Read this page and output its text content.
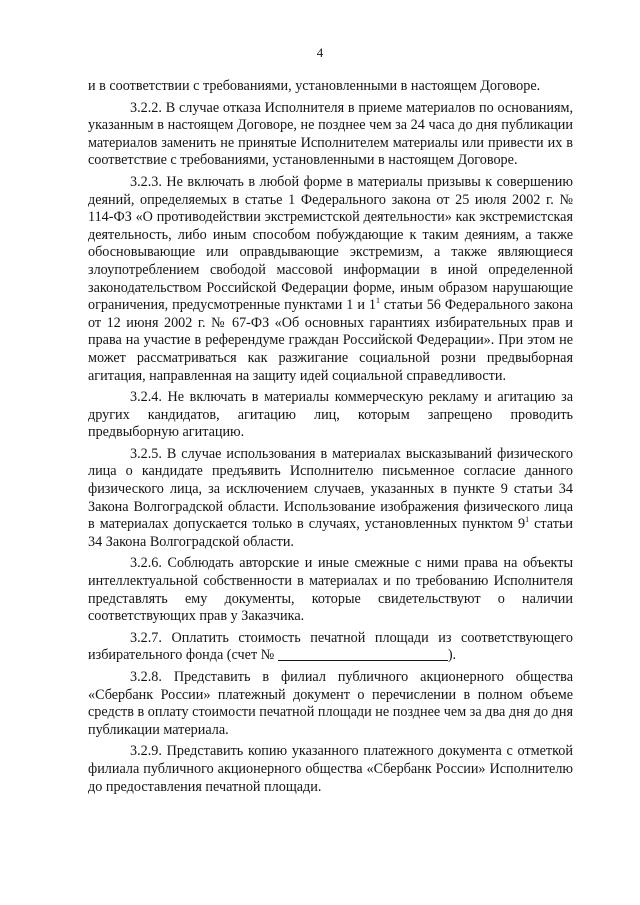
4

и в соответствии с требованиями, установленными в настоящем Договоре.

3.2.2. В случае отказа Исполнителя в приеме материалов по основаниям, указанным в настоящем Договоре, не позднее чем за 24 часа до дня публикации материалов заменить не принятые Исполнителем материалы или привести их в соответствие с требованиями, установленными в настоящем Договоре.

3.2.3. Не включать в любой форме в материалы призывы к совершению деяний, определяемых в статье 1 Федерального закона от 25 июля 2002 г. № 114-ФЗ «О противодействии экстремистской деятельности» как экстремистская деятельность, либо иным способом побуждающие к таким деяниям, а также обосновывающие или оправдывающие экстремизм, а также являющиеся злоупотреблением свободой массовой информации в иной определенной законодательством Российской Федерации форме, иным образом нарушающие ограничения, предусмотренные пунктами 1 и $1^1$ статьи 56 Федерального закона от 12 июня 2002 г. № 67-ФЗ «Об основных гарантиях избирательных прав и права на участие в референдуме граждан Российской Федерации». При этом не может рассматриваться как разжигание социальной розни предвыборная агитация, направленная на защиту идей социальной справедливости.

3.2.4. Не включать в материалы коммерческую рекламу и агитацию за других кандидатов, агитацию лиц, которым запрещено проводить предвыборную агитацию.

3.2.5. В случае использования в материалах высказываний физического лица о кандидате предъявить Исполнителю письменное согласие данного физического лица, за исключением случаев, указанных в пункте 9 статьи 34 Закона Волгоградской области. Использование изображения физического лица в материалах допускается только в случаях, установленных пунктом $9^1$ статьи 34 Закона Волгоградской области.

3.2.6. Соблюдать авторские и иные смежные с ними права на объекты интеллектуальной собственности в материалах и по требованию Исполнителя представлять ему документы, которые свидетельствуют о наличии соответствующих прав у Заказчика.

3.2.7. Оплатить стоимость печатной площади из соответствующего избирательного фонда (счет №	).

3.2.8. Представить в филиал публичного акционерного общества «Сбербанк России» платежный документ о перечислении в полном объеме средств в оплату стоимости печатной площади не позднее чем за два дня до дня публикации материала.

3.2.9. Представить копию указанного платежного документа с отметкой филиала публичного акционерного общества «Сбербанк России» Исполнителю до предоставления печатной площади.
